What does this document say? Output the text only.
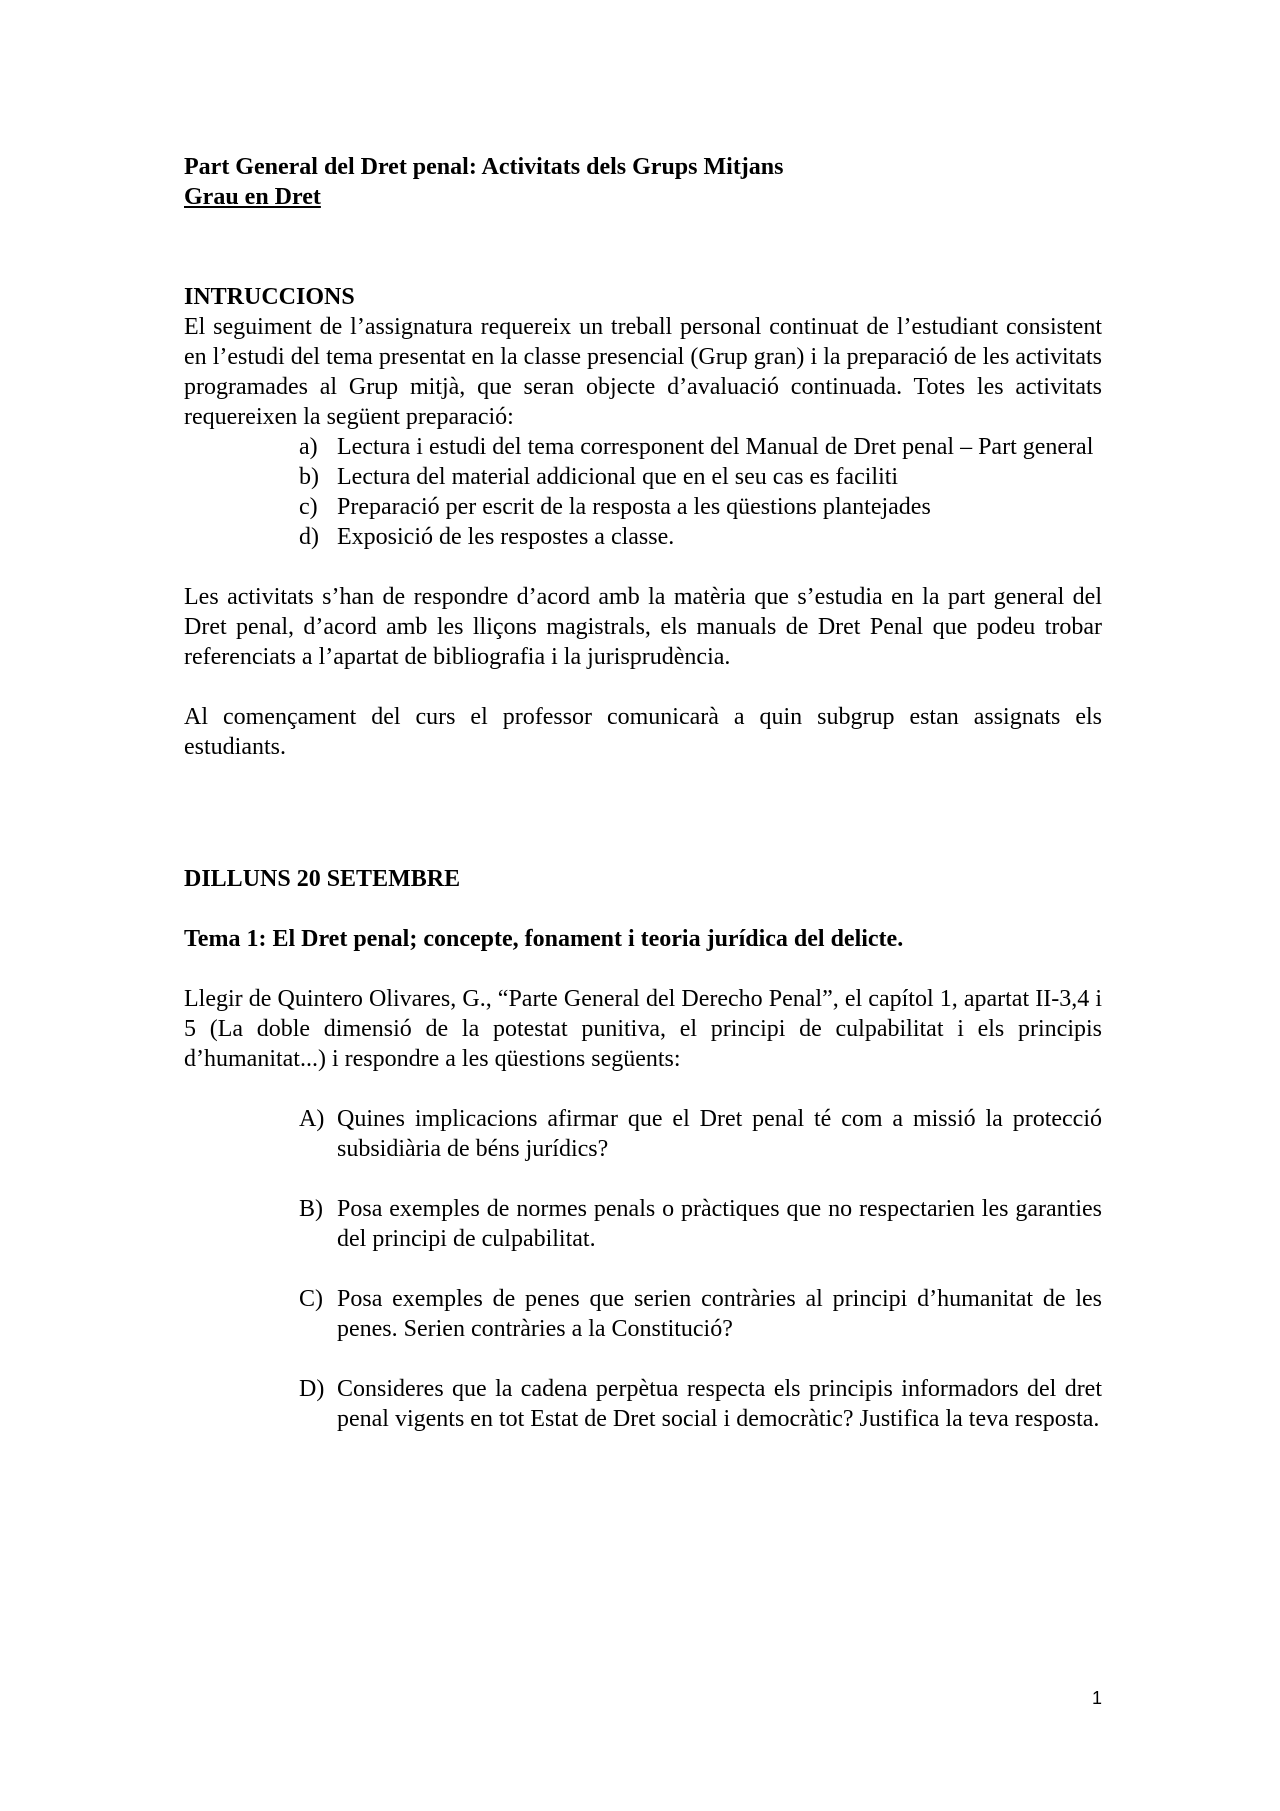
Part General del Dret penal: Activitats dels Grups Mitjans
Grau en Dret
INTRUCCIONS

El seguiment de l’assignatura requereix un treball personal continuat de l’estudiant consistent en l’estudi del tema presentat en la classe presencial (Grup gran) i la preparació de les activitats programades al Grup mitjà, que seran objecte d’avaluació continuada. Totes les activitats requereixen la següent preparació:

a) Lectura i estudi del tema corresponent del Manual de Dret penal – Part general
b) Lectura del material addicional que en el seu cas es faciliti
c) Preparació per escrit de la resposta a les qüestions plantejades
d) Exposició de les respostes a classe.

Les activitats s’han de respondre d’acord amb la matèria que s’estudia en la part general del Dret penal, d’acord amb les lliçons magistrals, els manuals de Dret Penal que podeu trobar referenciats a l’apartat de bibliografia i la jurisprudència.

Al començament del curs el professor comunicarà a quin subgrup estan assignats els estudiants.

DILLUNS 20 SETEMBRE
Tema 1: El Dret penal; concepte, fonament i teoria jurídica del delicte.

Llegir de Quintero Olivares, G., “Parte General del Derecho Penal”, el capítol 1, apartat II-3,4 i 5 (La doble dimensió de la potestat punitiva, el principi de culpabilitat i els principis d’humanitat...) i respondre a les qüestions següents:

A) Quines implicacions afirmar que el Dret penal té com a missió la protecció subsidiària de béns jurídics?
B) Posa exemples de normes penals o pràctiques que no respectarien les garanties del principi de culpabilitat.
C) Posa exemples de penes que serien contràries al principi d’humanitat de les penes. Serien contràries a la Constitució?
D) Consideres que la cadena perpètua respecta els principis informadors del dret penal vigents en tot Estat de Dret social i democràtic? Justifica la teva resposta.
1
